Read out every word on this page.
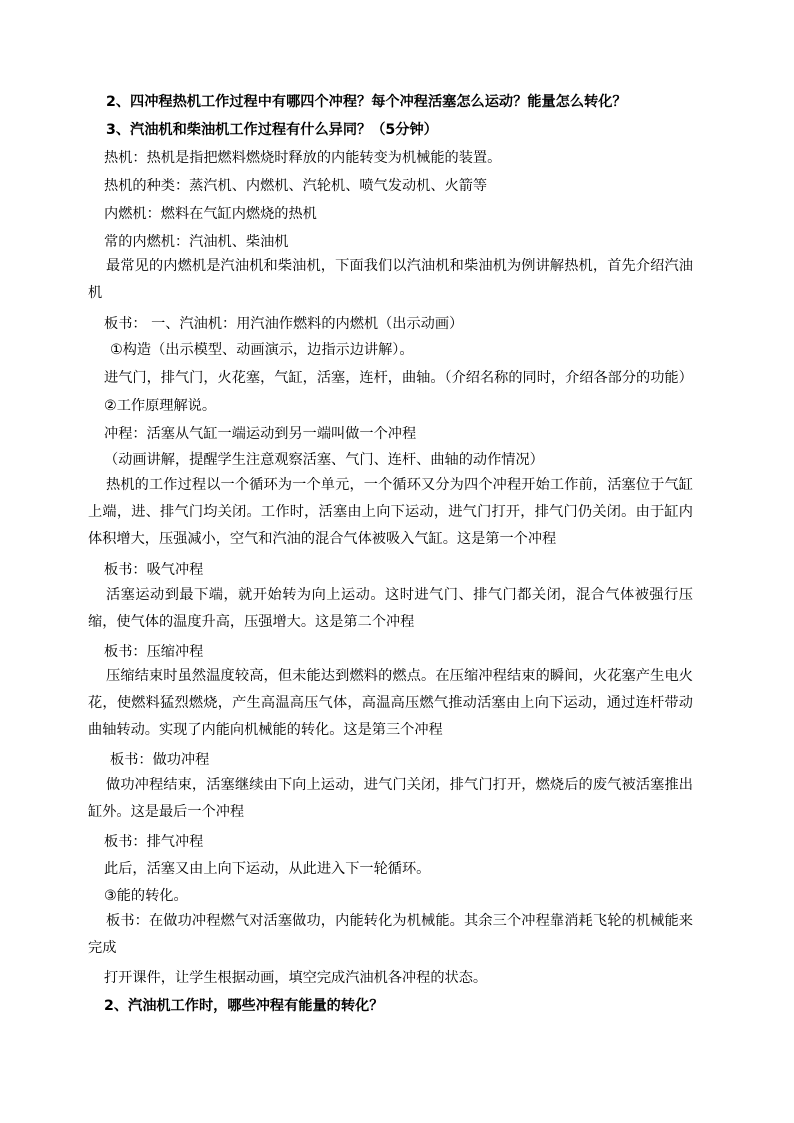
2、四冲程热机工作过程中有哪四个冲程？每个冲程活塞怎么运动？能量怎么转化？
3、汽油机和柴油机工作过程有什么异同？（5分钟）
热机：热机是指把燃料燃烧时释放的内能转变为机械能的装置。
热机的种类：蒸汽机、内燃机、汽轮机、喷气发动机、火箭等
内燃机：燃料在气缸内燃烧的热机
常的内燃机：汽油机、柴油机
最常见的内燃机是汽油机和柴油机，下面我们以汽油机和柴油机为例讲解热机，首先介绍汽油机
板书： 一、汽油机：用汽油作燃料的内燃机（出示动画）
①构造（出示模型、动画演示，边指示边讲解）。
进气门，排气门，火花塞，气缸，活塞，连杆，曲轴。（介绍名称的同时，介绍各部分的功能）
②工作原理解说。
冲程：活塞从气缸一端运动到另一端叫做一个冲程
（动画讲解，提醒学生注意观察活塞、气门、连杆、曲轴的动作情况）
热机的工作过程以一个循环为一个单元，一个循环又分为四个冲程开始工作前，活塞位于气缸上端，进、排气门均关闭。工作时，活塞由上向下运动，进气门打开，排气门仍关闭。由于缸内体积增大，压强减小，空气和汽油的混合气体被吸入气缸。这是第一个冲程
板书：吸气冲程
活塞运动到最下端，就开始转为向上运动。这时进气门、排气门都关闭，混合气体被强行压缩，使气体的温度升高，压强增大。这是第二个冲程
板书：压缩冲程
压缩结束时虽然温度较高，但未能达到燃料的燃点。在压缩冲程结束的瞬间，火花塞产生电火花，使燃料猛烈燃烧，产生高温高压气体，高温高压燃气推动活塞由上向下运动，通过连杆带动曲轴转动。实现了内能向机械能的转化。这是第三个冲程
板书：做功冲程
做功冲程结束，活塞继续由下向上运动，进气门关闭，排气门打开，燃烧后的废气被活塞推出缸外。这是最后一个冲程
板书：排气冲程
此后，活塞又由上向下运动，从此进入下一轮循环。
③能的转化。
板书：在做功冲程燃气对活塞做功，内能转化为机械能。其余三个冲程靠消耗飞轮的机械能来完成
打开课件，让学生根据动画，填空完成汽油机各冲程的状态。
2、汽油机工作时，哪些冲程有能量的转化？
